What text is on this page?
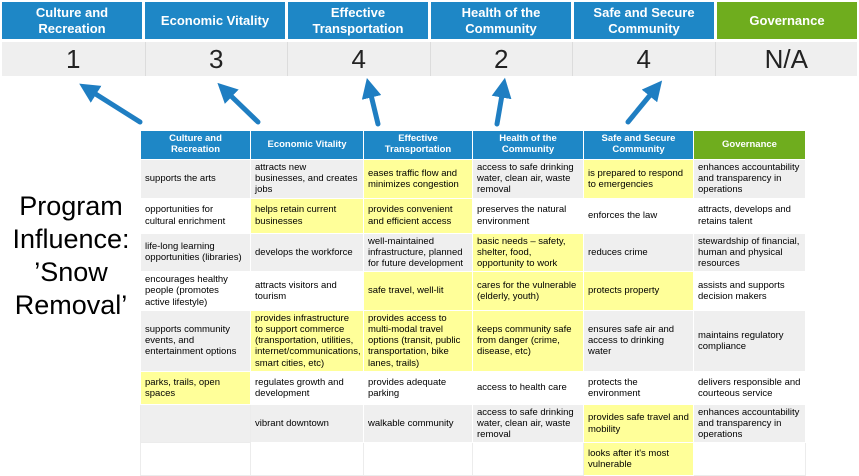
Culture and Recreation
Economic Vitality
Effective Transportation
Health of the Community
Safe and Secure Community
Governance
1	3	4	2	4	N/A
Program Influence: ’Snow Removal’
Culture and Recreation	Economic Vitality	Effective Transportation	Health of the Community	Safe and Secure Community	Governance
supports the arts	attracts new businesses, and creates jobs	eases traffic flow and minimizes congestion	access to safe drinking water, clean air, waste removal	is prepared to respond to emergencies	enhances accountability and transparency in operations
opportunities for cultural enrichment	helps retain current businesses	provides convenient and efficient access	preserves the natural environment	enforces the law	attracts, develops and retains talent
life-long learning opportunities (libraries)	develops the workforce	well-maintained infrastructure, planned for future development	basic needs – safety, shelter, food, opportunity to work	reduces crime	stewardship of financial, human and physical resources
encourages healthy people (promotes active lifestyle)	attracts visitors and tourism	safe travel, well-lit	cares for the vulnerable (elderly, youth)	protects property	assists and supports decision makers
supports community events, and entertainment options	provides infrastructure to support commerce (transportation, utilities, internet/communications, smart cities, etc)	provides access to multi-modal travel options (transit, public transportation, bike lanes, trails)	keeps community safe from danger (crime, disease, etc)	ensures safe air and access to drinking water	maintains regulatory compliance
parks, trails, open spaces	regulates growth and development	provides adequate parking	access to health care	protects the environment	delivers responsible and courteous service
	vibrant downtown	walkable community	access to safe drinking water, clean air, waste removal	provides safe travel and mobility	enhances accountability and transparency in operations
				looks after it's most vulnerable	
